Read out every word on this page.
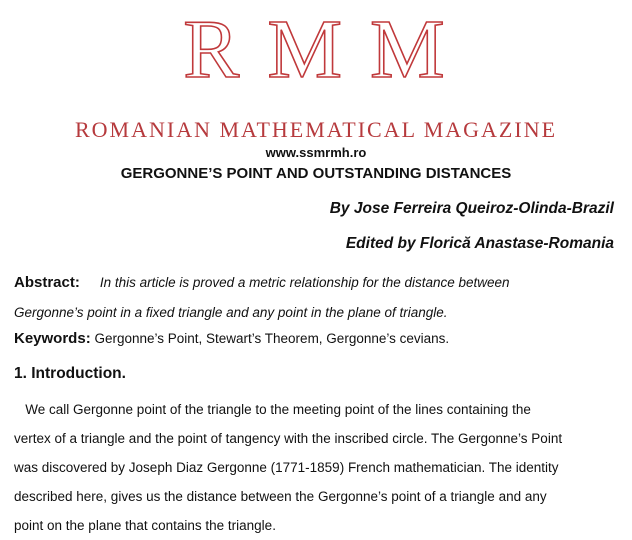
RMM
ROMANIAN MATHEMATICAL MAGAZINE
www.ssmrmh.ro
GERGONNE’S POINT AND OUTSTANDING DISTANCES
By Jose Ferreira Queiroz-Olinda-Brazil
Edited by Florică Anastase-Romania
Abstract: In this article is proved a metric relationship for the distance between
Gergonne’s point in a fixed triangle and any point in the plane of triangle.
Keywords: Gergonne’s Point, Stewart’s Theorem, Gergonne’s cevians.
1. Introduction.
We call Gergonne point of the triangle to the meeting point of the lines containing the
vertex of a triangle and the point of tangency with the inscribed circle. The Gergonne’s Point
was discovered by Joseph Diaz Gergonne (1771-1859) French mathematician. The identity
described here, gives us the distance between the Gergonne’s point of a triangle and any
point on the plane that contains the triangle.
